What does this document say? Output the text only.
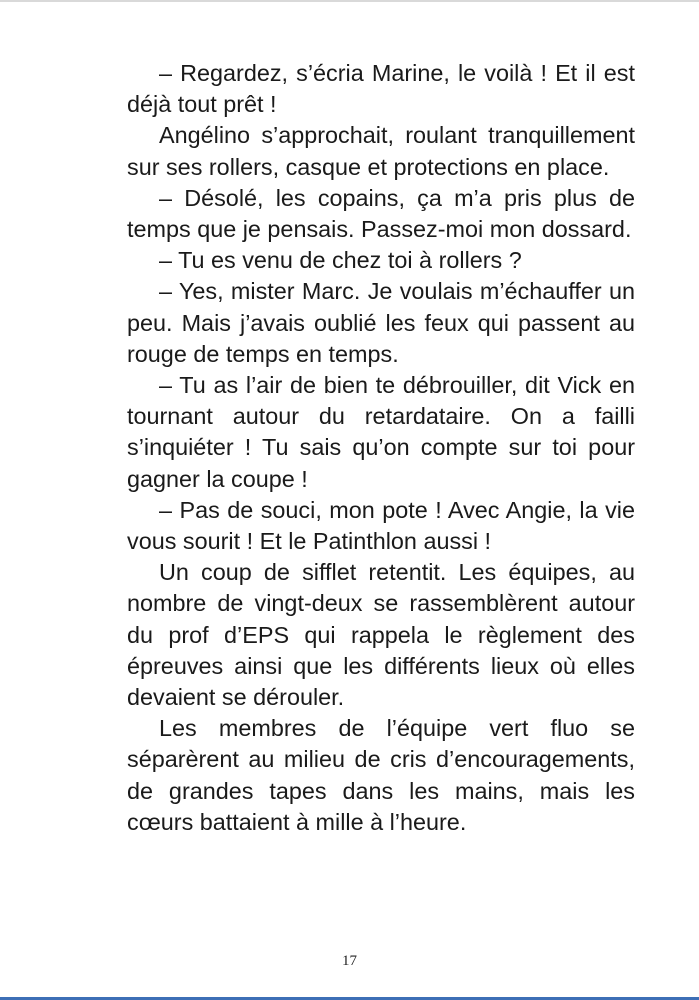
– Regardez, s’écria Marine, le voilà ! Et il est déjà tout prêt !

Angélino s’approchait, roulant tranquillement sur ses rollers, casque et protections en place.

– Désolé, les copains, ça m’a pris plus de temps que je pensais. Passez-moi mon dossard.

– Tu es venu de chez toi à rollers ?

– Yes, mister Marc. Je voulais m’échauffer un peu. Mais j’avais oublié les feux qui passent au rouge de temps en temps.

– Tu as l’air de bien te débrouiller, dit Vick en tournant autour du retardataire. On a failli s’inquiéter ! Tu sais qu’on compte sur toi pour gagner la coupe !

– Pas de souci, mon pote ! Avec Angie, la vie vous sourit ! Et le Patinthlon aussi !

Un coup de sifflet retentit. Les équipes, au nombre de vingt-deux se rassemblèrent autour du prof d’EPS qui rappela le règlement des épreuves ainsi que les différents lieux où elles devaient se dérouler.

Les membres de l’équipe vert fluo se séparèrent au milieu de cris d’encouragements, de grandes tapes dans les mains, mais les cœurs battaient à mille à l’heure.

17
